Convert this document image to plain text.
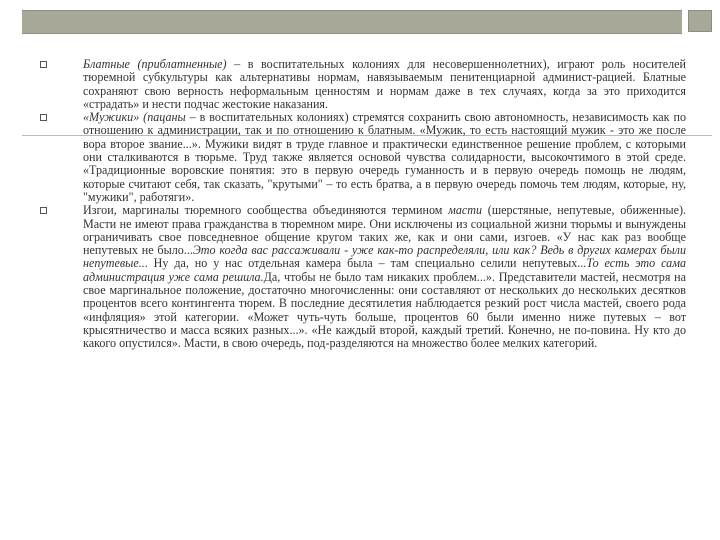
Блатные (приблатненные) – в воспитательных колониях для несовершеннолетних), играют роль носителей тюремной субкультуры как альтернативы нормам, навязываемым пенитенциарной админист-рацией. Блатные сохраняют свою верность неформальным ценностям и нормам даже в тех случаях, когда за это приходится «страдать» и нести подчас жестокие наказания.
«Мужики» (пацаны – в воспитательных колониях) стремятся сохранить свою автономность, независимость как по отношению к администрации, так и по отношению к блатным. «Мужик, то есть настоящий мужик - это же после вора второе звание...». Мужики видят в труде главное и практически единственное решение проблем, с которыми они сталкиваются в тюрьме. Труд также является основой чувства солидарности, высокочтимого в этой среде. «Традиционные воровские понятия: это в первую очередь гуманность и в первую очередь помощь не людям, которые считают себя, так сказать, "крутыми" – то есть братва, а в первую очередь помочь тем людям, которые, ну, "мужики", работяги».
Изгои, маргиналы тюремного сообщества объединяются термином масти (шерстяные, непутевые, обиженные). Масти не имеют права гражданства в тюремном мире. Они исключены из социальной жизни тюрьмы и вынуждены ограничивать свое повседневное общение кругом таких же, как и они сами, изгоев. «У нас как раз вообще непутевых не было...Это когда вас рассаживали - уже как-то распределяли, или как? Ведь в других камерах были непутевые... Ну да, но у нас отдельная камера была – там специально селили непутевых...То есть это сама администрация уже сама решила.Да, чтобы не было там никаких проблем...». Представители мастей, несмотря на свое маргинальное положение, достаточно многочисленны: они составляют от нескольких до нескольких десятков процентов всего контингента тюрем. В последние десятилетия наблюдается резкий рост числа мастей, своего рода «инфляция» этой категории. «Может чуть-чуть больше, процентов 60 были именно ниже путевых – вот крысятничество и масса всяких разных...». «Не каждый второй, каждый третий. Конечно, не по-повина. Ну кто до какого опустился». Масти, в свою очередь, под-разделяются на множество более мелких категорий.
